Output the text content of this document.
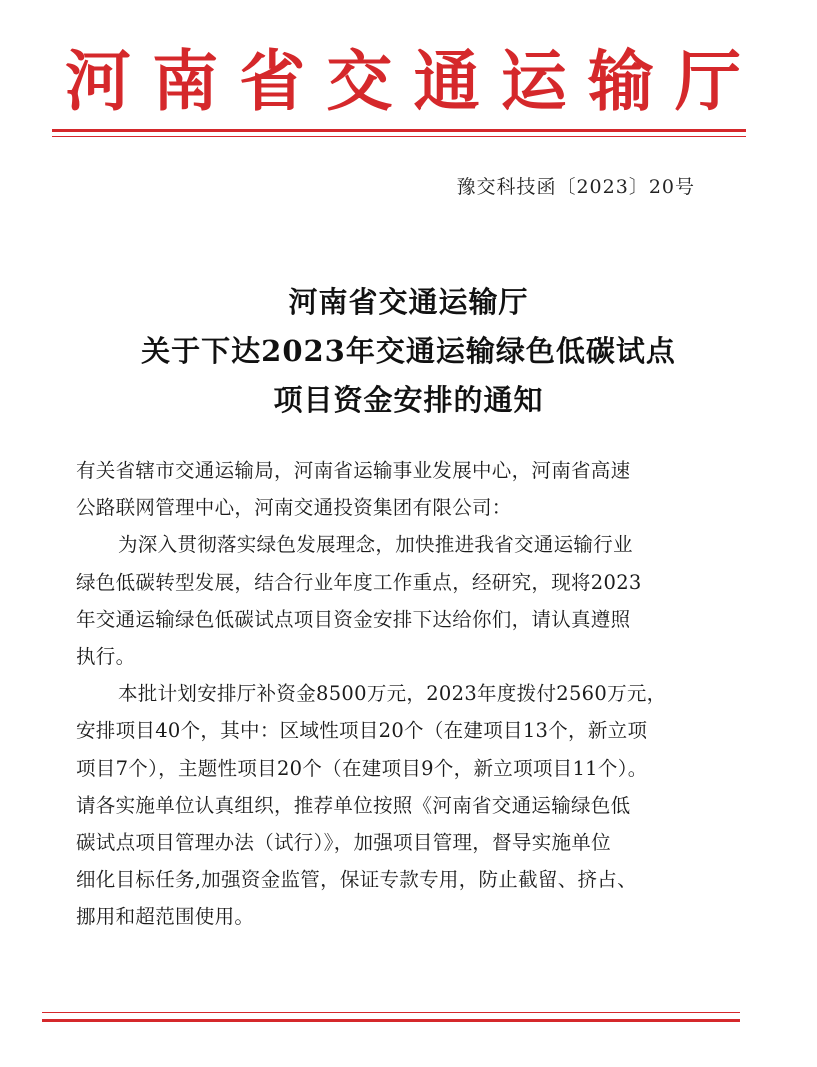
河 南 省 交 通 运 输 厅
豫交科技函〔2023〕20号
河南省交通运输厅
关于下达2023年交通运输绿色低碳试点
项目资金安排的通知

有关省辖市交通运输局，河南省运输事业发展中心，河南省高速

公路联网管理中心，河南交通投资集团有限公司：

为深入贯彻落实绿色发展理念，加快推进我省交通运输行业

绿色低碳转型发展，结合行业年度工作重点，经研究，现将2023

年交通运输绿色低碳试点项目资金安排下达给你们，请认真遵照

执行。

本批计划安排厅补资金8500万元，2023年度拨付2560万元，

安排项目40个，其中：区域性项目20个（在建项目13个，新立项

项目7个），主题性项目20个（在建项目9个，新立项项目11个）。

请各实施单位认真组织，推荐单位按照《河南省交通运输绿色低

碳试点项目管理办法（试行）》，加强项目管理，督导实施单位

细化目标任务,加强资金监管，保证专款专用，防止截留、挤占、

挪用和超范围使用。
